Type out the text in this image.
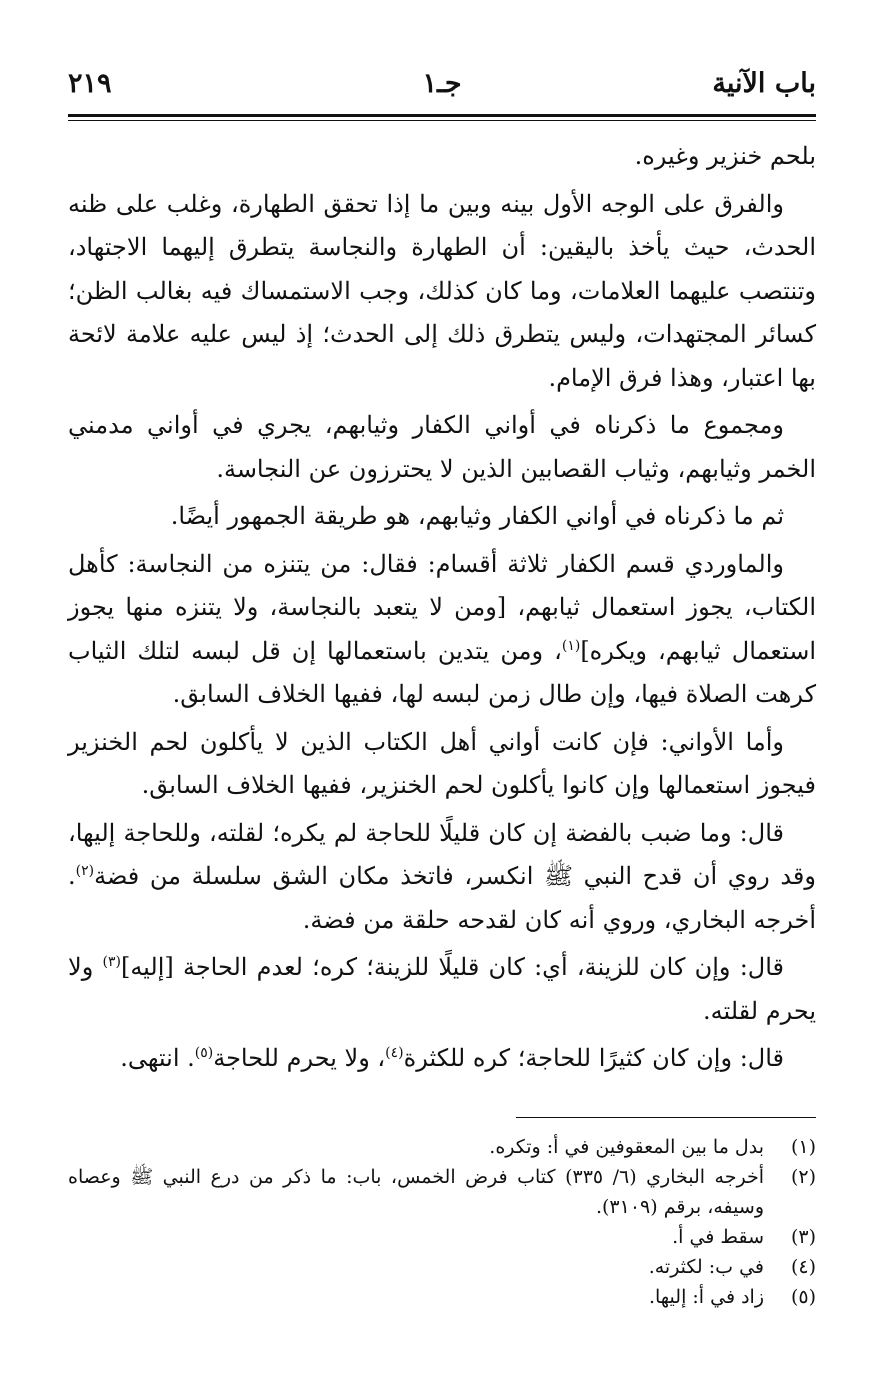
باب الآنية
جـ١
٢١٩

بلحم خنزير وغيره.

والفرق على الوجه الأول بينه وبين ما إذا تحقق الطهارة، وغلب على ظنه الحدث، حيث يأخذ باليقين: أن الطهارة والنجاسة يتطرق إليهما الاجتهاد، وتنتصب عليهما العلامات، وما كان كذلك، وجب الاستمساك فيه بغالب الظن؛ كسائر المجتهدات، وليس يتطرق ذلك إلى الحدث؛ إذ ليس عليه علامة لائحة بها اعتبار، وهذا فرق الإمام.

ومجموع ما ذكرناه في أواني الكفار وثيابهم، يجري في أواني مدمني الخمر وثيابهم، وثياب القصابين الذين لا يحترزون عن النجاسة.

ثم ما ذكرناه في أواني الكفار وثيابهم، هو طريقة الجمهور أيضًا.

والماوردي قسم الكفار ثلاثة أقسام: فقال: من يتنزه من النجاسة: كأهل الكتاب، يجوز استعمال ثيابهم، [ومن لا يتعبد بالنجاسة، ولا يتنزه منها يجوز استعمال ثيابهم، ويكره]$^{(١)}$، ومن يتدين باستعمالها إن قل لبسه لتلك الثياب كرهت الصلاة فيها، وإن طال زمن لبسه لها، ففيها الخلاف السابق.

وأما الأواني: فإن كانت أواني أهل الكتاب الذين لا يأكلون لحم الخنزير فيجوز استعمالها وإن كانوا يأكلون لحم الخنزير، ففيها الخلاف السابق.

قال: وما ضبب بالفضة إن كان قليلًا للحاجة لم يكره؛ لقلته، وللحاجة إليها، وقد روي أن قدح النبي ﷺ انكسر، فاتخذ مكان الشق سلسلة من فضة$^{(٢)}$. أخرجه البخاري، وروي أنه كان لقدحه حلقة من فضة.

قال: وإن كان للزينة، أي: كان قليلًا للزينة؛ كره؛ لعدم الحاجة [إليه]$^{(٣)}$ ولا يحرم لقلته.

قال: وإن كان كثيرًا للحاجة؛ كره للكثرة$^{(٤)}$، ولا يحرم للحاجة$^{(٥)}$. انتهى.

(١)
بدل ما بين المعقوفين في أ: وتكره.
(٢)
أخرجه البخاري (٦/ ٣٣٥) كتاب فرض الخمس، باب: ما ذكر من درع النبي ﷺ وعصاه وسيفه، برقم (٣١٠٩).
(٣)
سقط في أ.
(٤)
في ب: لكثرته.
(٥)
زاد في أ: إليها.
